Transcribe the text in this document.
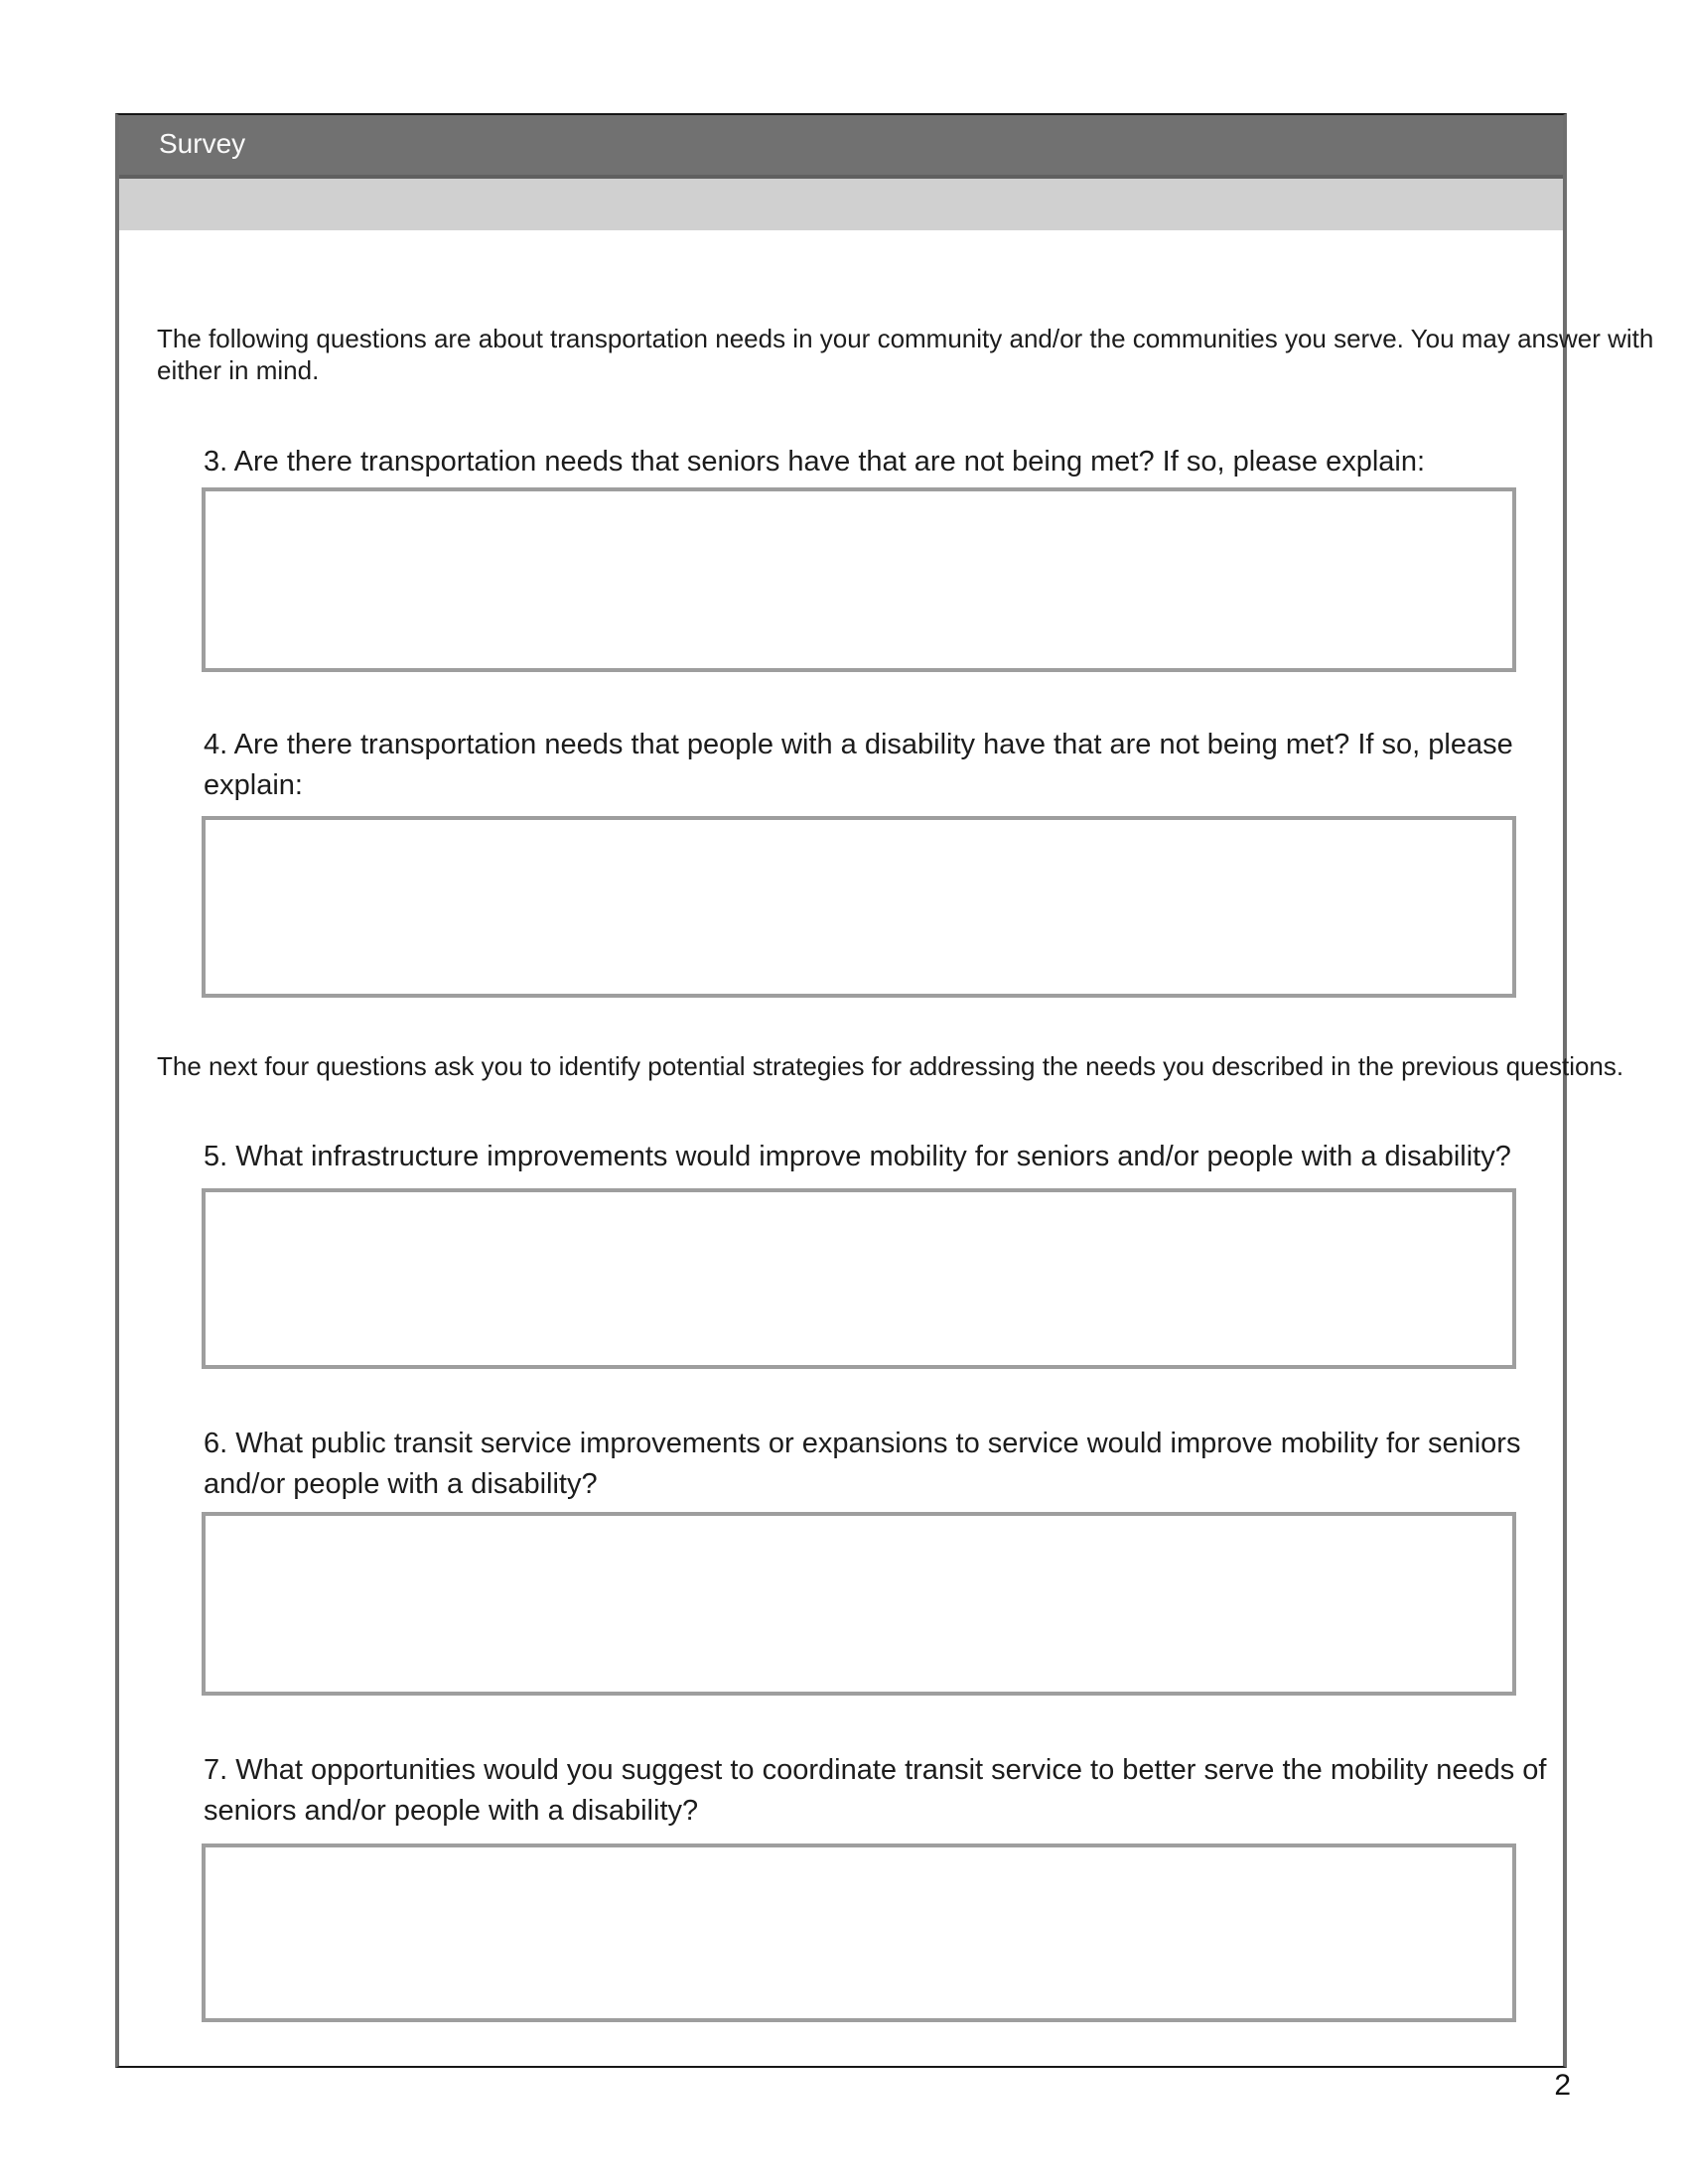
Survey
The following questions are about transportation needs in your community and/or the communities you serve. You may answer with
either in mind.
3. Are there transportation needs that seniors have that are not being met? If so, please explain:
4. Are there transportation needs that people with a disability have that are not being met? If so, please
explain:
The next four questions ask you to identify potential strategies for addressing the needs you described in the previous questions.
5. What infrastructure improvements would improve mobility for seniors and/or people with a disability?
6. What public transit service improvements or expansions to service would improve mobility for seniors
and/or people with a disability?
7. What opportunities would you suggest to coordinate transit service to better serve the mobility needs of
seniors and/or people with a disability?
2
